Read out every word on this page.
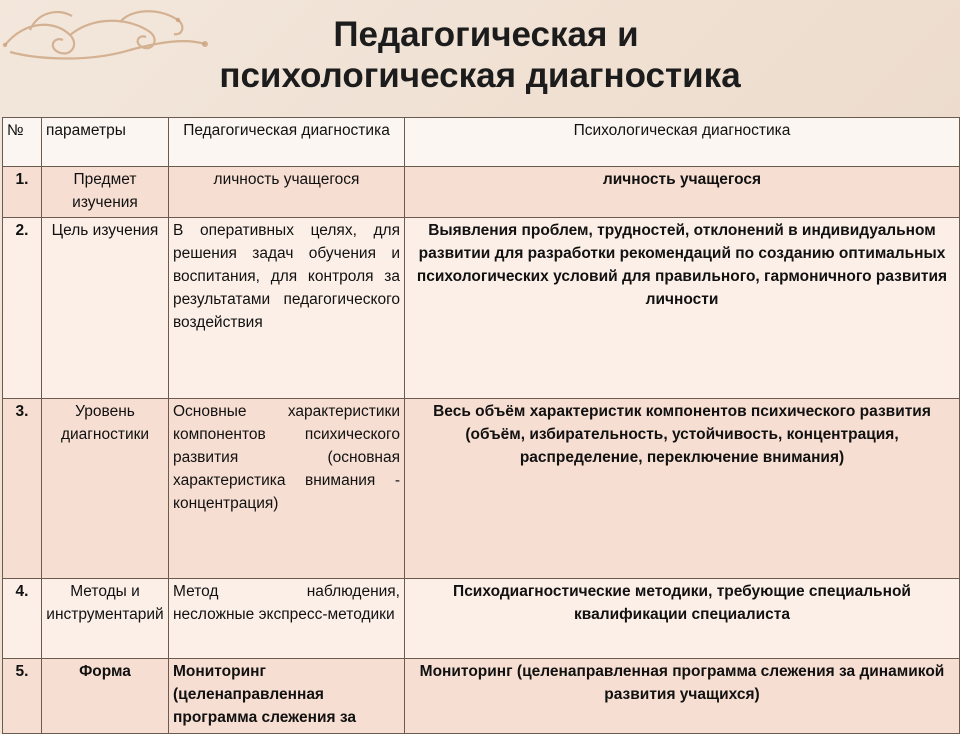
Педагогическая и
психологическая диагностика
№	параметры	Педагогическая диагностика	Психологическая диагностика
1.	Предмет изучения	личность учащегося	личность учащегося
2.	Цель изучения	В оперативных целях, для решения задач обучения и воспитания, для контроля за результатами педагогического воздействия	Выявления проблем, трудностей, отклонений в индивидуальном развитии для разработки рекомендаций по созданию оптимальных психологических условий для правильного, гармоничного развития личности
3.	Уровень диагностики	Основные характеристики компонентов психического развития (основная характеристика внимания - концентрация)	Весь объём характеристик компонентов психического развития (объём, избирательность, устойчивость, концентрация, распределение, переключение внимания)
4.	Методы и инструментарий	Метод наблюдения, несложные экспресс-методики	Психодиагностические методики, требующие специальной квалификации специалиста
5.	Форма	Мониторинг (целенаправленная программа слежения за	Мониторинг (целенаправленная программа слежения за динамикой развития учащихся)
